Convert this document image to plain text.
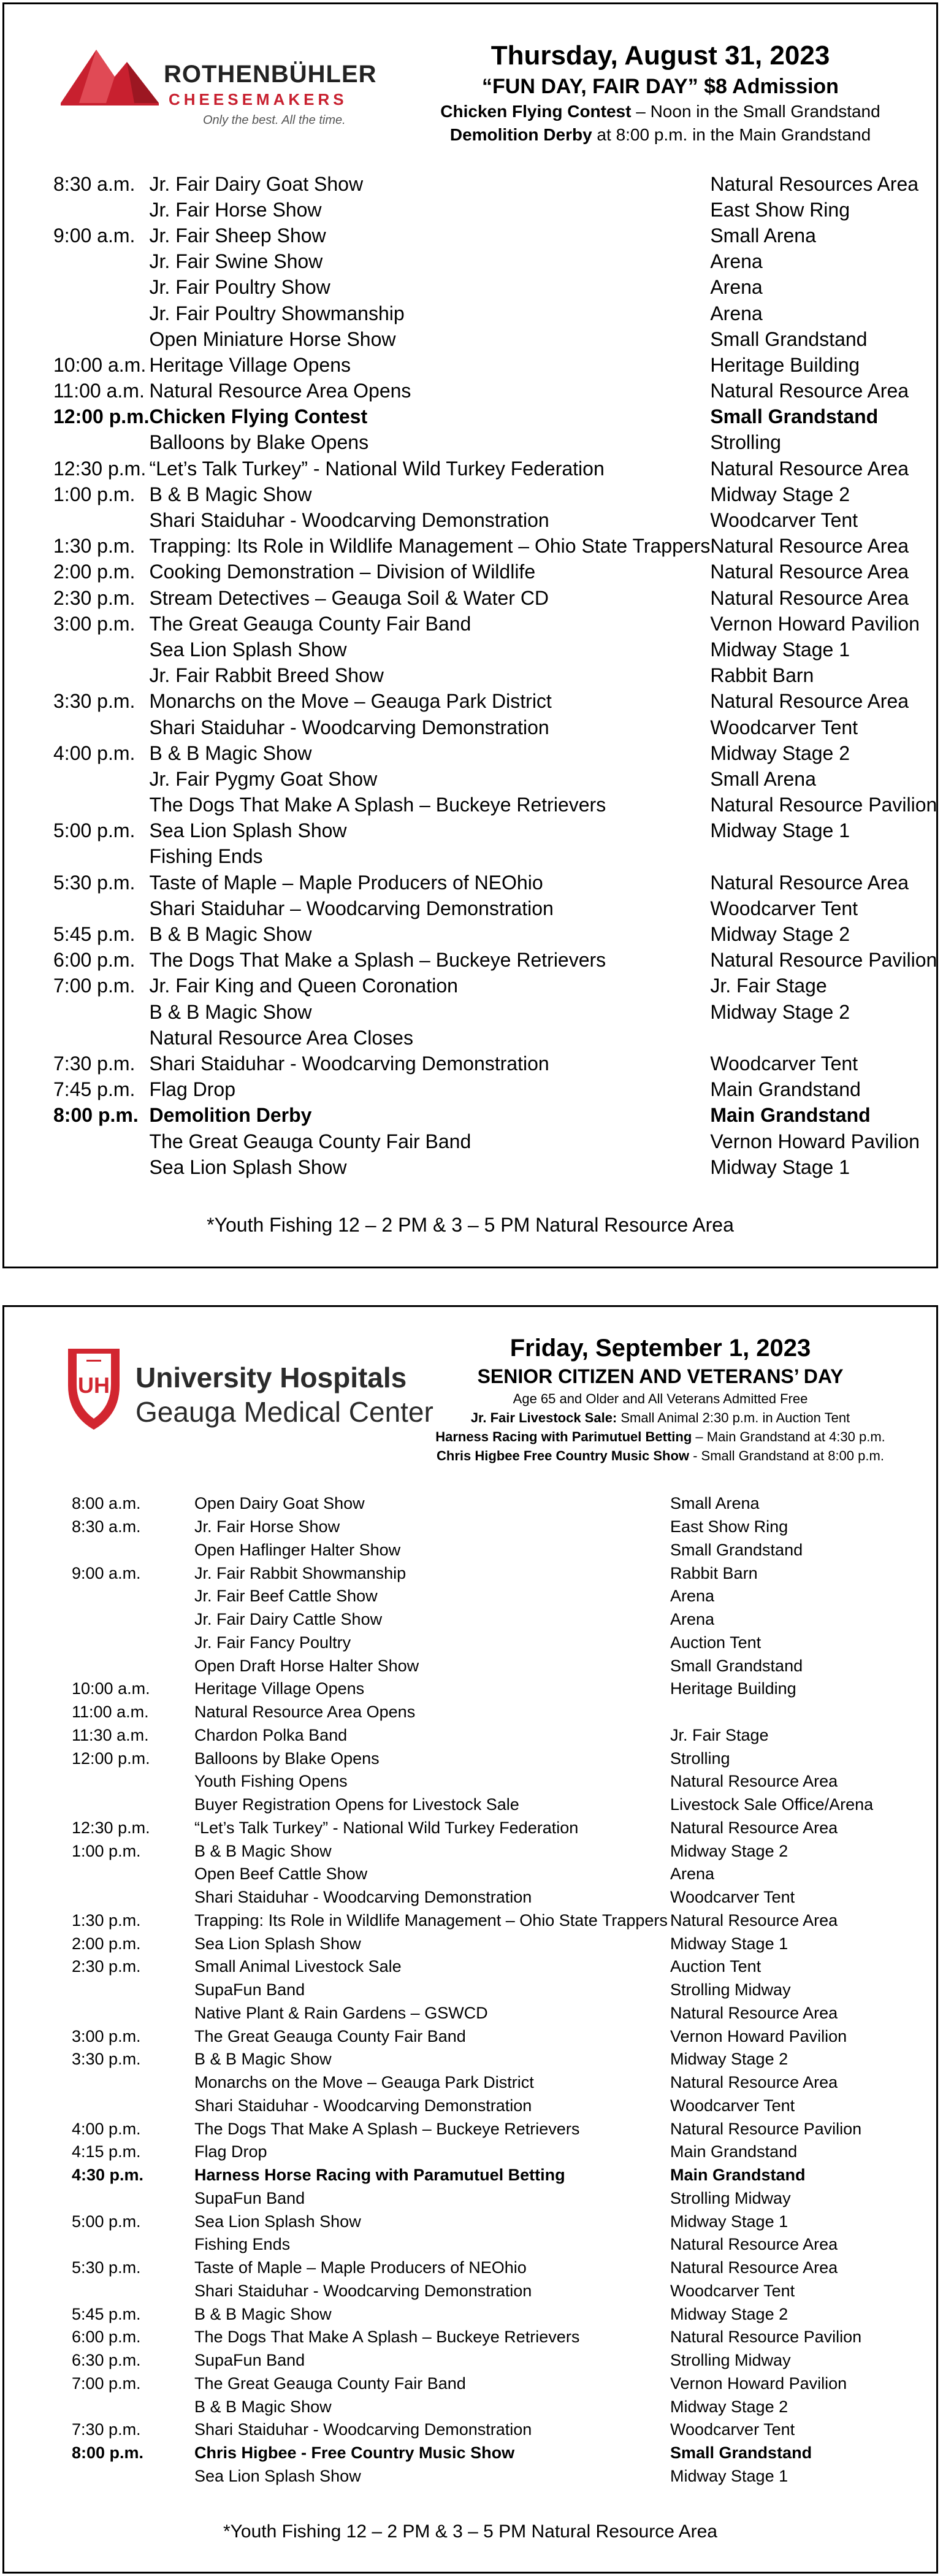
ROTHENBÜHLER
CHEESEMAKERS
Only the best. All the time.
Thursday, August 31, 2023
“FUN DAY, FAIR DAY” $8 Admission
Chicken Flying Contest – Noon in the Small Grandstand
Demolition Derby at 8:00 p.m. in the Main Grandstand
8:30 a.m.	Jr. Fair Dairy Goat Show	Natural Resources Area
	Jr. Fair Horse Show	East Show Ring
9:00 a.m.	Jr. Fair Sheep Show	Small Arena
	Jr. Fair Swine Show	Arena
	Jr. Fair Poultry Show	Arena
	Jr. Fair Poultry Showmanship	Arena
	Open Miniature Horse Show	Small Grandstand
10:00 a.m.	Heritage Village Opens	Heritage Building
11:00 a.m.	Natural Resource Area Opens	Natural Resource Area
12:00 p.m.	Chicken Flying Contest	Small Grandstand
	Balloons by Blake Opens	Strolling
12:30 p.m.	“Let’s Talk Turkey” - National Wild Turkey Federation	Natural Resource Area
1:00 p.m.	B & B Magic Show	Midway Stage 2
	Shari Staiduhar - Woodcarving Demonstration	Woodcarver Tent
1:30 p.m.	Trapping: Its Role in Wildlife Management – Ohio State Trappers	Natural Resource Area
2:00 p.m.	Cooking Demonstration – Division of Wildlife	Natural Resource Area
2:30 p.m.	Stream Detectives – Geauga Soil & Water CD	Natural Resource Area
3:00 p.m.	The Great Geauga County Fair Band	Vernon Howard Pavilion
	Sea Lion Splash Show	Midway Stage 1
	Jr. Fair Rabbit Breed Show	Rabbit Barn
3:30 p.m.	Monarchs on the Move – Geauga Park District	Natural Resource Area
	Shari Staiduhar - Woodcarving Demonstration	Woodcarver Tent
4:00 p.m.	B & B Magic Show	Midway Stage 2
	Jr. Fair Pygmy Goat Show	Small Arena
	The Dogs That Make A Splash – Buckeye Retrievers	Natural Resource Pavilion
5:00 p.m.	Sea Lion Splash Show	Midway Stage 1
	Fishing Ends	
5:30 p.m.	Taste of Maple – Maple Producers of NEOhio	Natural Resource Area
	Shari Staiduhar – Woodcarving Demonstration	Woodcarver Tent
5:45 p.m.	B & B Magic Show	Midway Stage 2
6:00 p.m.	The Dogs That Make a Splash – Buckeye Retrievers	Natural Resource Pavilion
7:00 p.m.	Jr. Fair King and Queen Coronation	Jr. Fair Stage
	B & B Magic Show	Midway Stage 2
	Natural Resource Area Closes	
7:30 p.m.	Shari Staiduhar - Woodcarving Demonstration	Woodcarver Tent
7:45 p.m.	Flag Drop	Main Grandstand
8:00 p.m.	Demolition Derby	Main Grandstand
	The Great Geauga County Fair Band	Vernon Howard Pavilion
	Sea Lion Splash Show	Midway Stage 1
*Youth Fishing 12 – 2 PM & 3 – 5 PM Natural Resource Area
UH University Hospitals
Geauga Medical Center
Friday, September 1, 2023
SENIOR CITIZEN AND VETERANS’ DAY
Age 65 and Older and All Veterans Admitted Free
Jr. Fair Livestock Sale: Small Animal 2:30 p.m. in Auction Tent
Harness Racing with Parimutuel Betting – Main Grandstand at 4:30 p.m.
Chris Higbee Free Country Music Show - Small Grandstand at 8:00 p.m.
8:00 a.m.	Open Dairy Goat Show	Small Arena
8:30 a.m.	Jr. Fair Horse Show	East Show Ring
	Open Haflinger Halter Show	Small Grandstand
9:00 a.m.	Jr. Fair Rabbit Showmanship	Rabbit Barn
	Jr. Fair Beef Cattle Show	Arena
	Jr. Fair Dairy Cattle Show	Arena
	Jr. Fair Fancy Poultry	Auction Tent
	Open Draft Horse Halter Show	Small Grandstand
10:00 a.m.	Heritage Village Opens	Heritage Building
11:00 a.m.	Natural Resource Area Opens	
11:30 a.m.	Chardon Polka Band	Jr. Fair Stage
12:00 p.m.	Balloons by Blake Opens	Strolling
	Youth Fishing Opens	Natural Resource Area
	Buyer Registration Opens for Livestock Sale	Livestock Sale Office/Arena
12:30 p.m.	“Let’s Talk Turkey” - National Wild Turkey Federation	Natural Resource Area
1:00 p.m.	B & B Magic Show	Midway Stage 2
	Open Beef Cattle Show	Arena
	Shari Staiduhar - Woodcarving Demonstration	Woodcarver Tent
1:30 p.m.	Trapping: Its Role in Wildlife Management – Ohio State Trappers	Natural Resource Area
2:00 p.m.	Sea Lion Splash Show	Midway Stage 1
2:30 p.m.	Small Animal Livestock Sale	Auction Tent
	SupaFun Band	Strolling Midway
	Native Plant & Rain Gardens – GSWCD	Natural Resource Area
3:00 p.m.	The Great Geauga County Fair Band	Vernon Howard Pavilion
3:30 p.m.	B & B Magic Show	Midway Stage 2
	Monarchs on the Move – Geauga Park District	Natural Resource Area
	Shari Staiduhar - Woodcarving Demonstration	Woodcarver Tent
4:00 p.m.	The Dogs That Make A Splash – Buckeye Retrievers	Natural Resource Pavilion
4:15 p.m.	Flag Drop	Main Grandstand
4:30 p.m.	Harness Horse Racing with Paramutuel Betting	Main Grandstand
	SupaFun Band	Strolling Midway
5:00 p.m.	Sea Lion Splash Show	Midway Stage 1
	Fishing Ends	Natural Resource Area
5:30 p.m.	Taste of Maple – Maple Producers of NEOhio	Natural Resource Area
	Shari Staiduhar - Woodcarving Demonstration	Woodcarver Tent
5:45 p.m.	B & B Magic Show	Midway Stage 2
6:00 p.m.	The Dogs That Make A Splash – Buckeye Retrievers	Natural Resource Pavilion
6:30 p.m.	SupaFun Band	Strolling Midway
7:00 p.m.	The Great Geauga County Fair Band	Vernon Howard Pavilion
	B & B Magic Show	Midway Stage 2
7:30 p.m.	Shari Staiduhar - Woodcarving Demonstration	Woodcarver Tent
8:00 p.m.	Chris Higbee - Free Country Music Show	Small Grandstand
	Sea Lion Splash Show	Midway Stage 1
*Youth Fishing 12 – 2 PM & 3 – 5 PM Natural Resource Area
